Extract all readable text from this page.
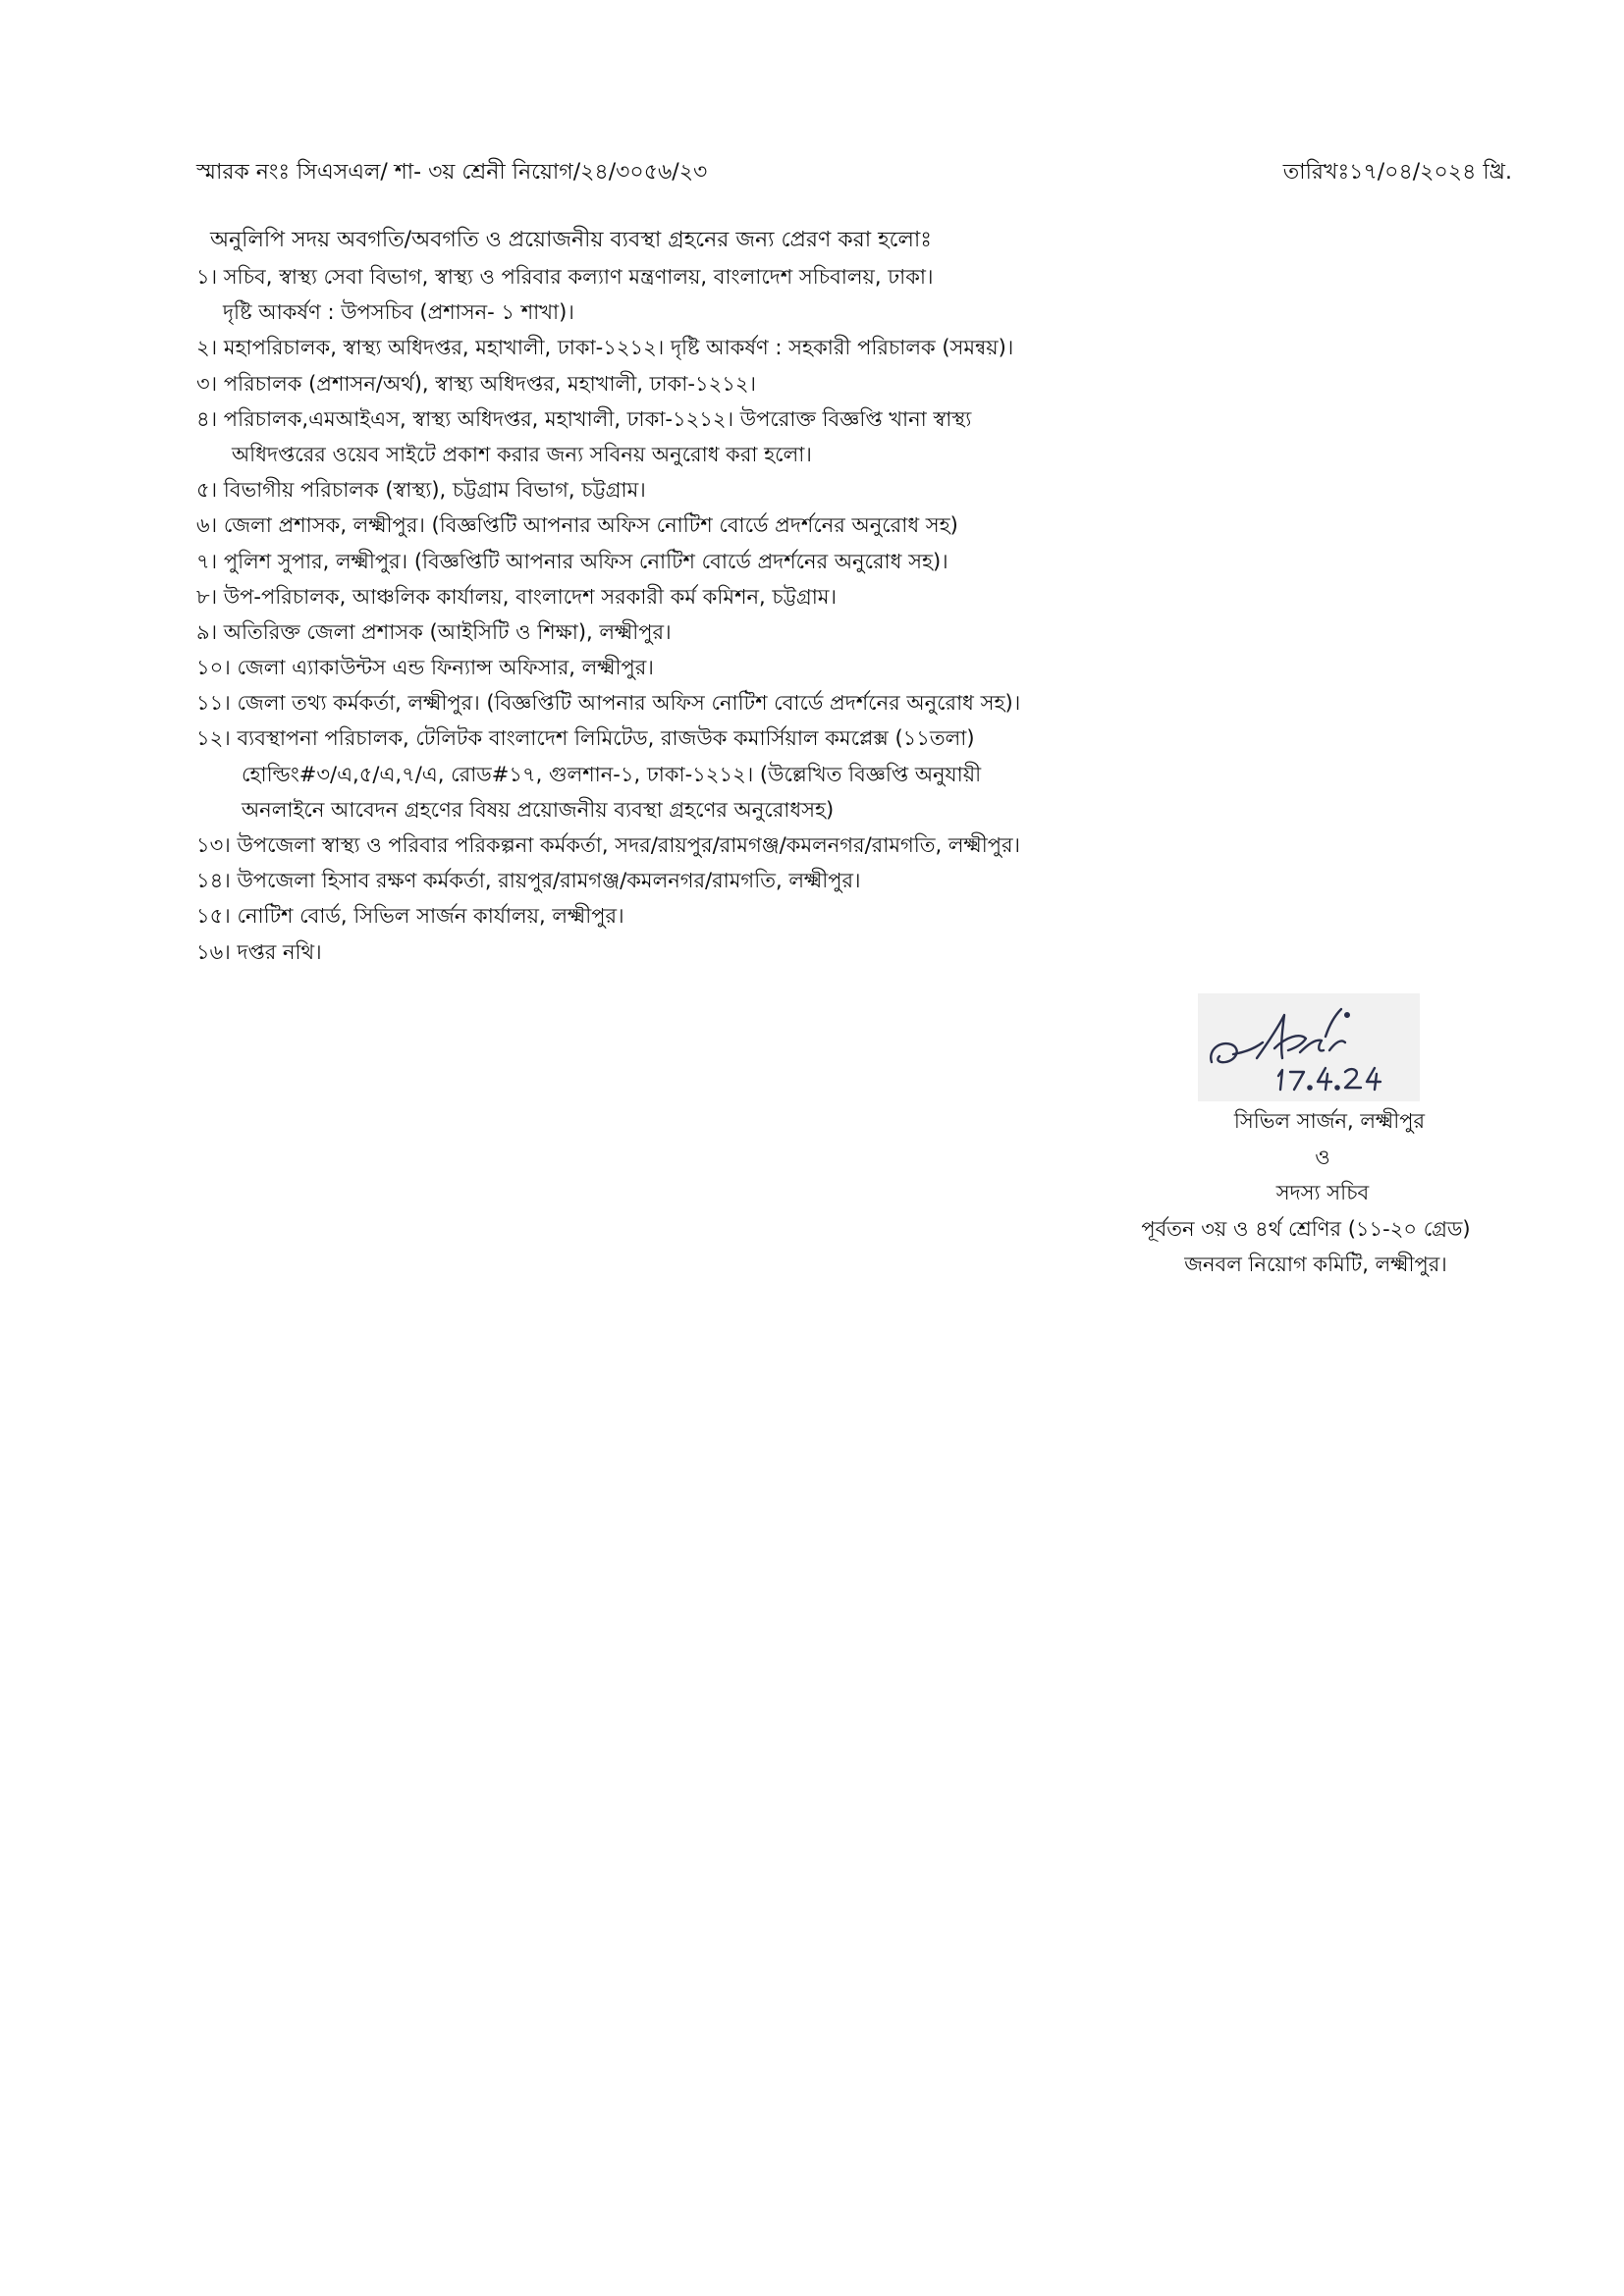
স্মারক নংঃ সিএসএল/ শা- ৩য় শ্রেনী নিয়োগ/২৪/৩০৫৬/২৩	তারিখঃ১৭/০৪/২০২৪ খ্রি.
অনুলিপি সদয় অবগতি/অবগতি ও প্রয়োজনীয় ব্যবস্থা গ্রহনের জন্য প্রেরণ করা হলোঃ
১। সচিব, স্বাস্থ্য সেবা বিভাগ, স্বাস্থ্য ও পরিবার কল্যাণ মন্ত্রণালয়, বাংলাদেশ সচিবালয়, ঢাকা।
দৃষ্টি আকর্ষণ : উপসচিব (প্রশাসন- ১ শাখা)।
২। মহাপরিচালক, স্বাস্থ্য অধিদপ্তর, মহাখালী, ঢাকা-১২১২। দৃষ্টি আকর্ষণ : সহকারী পরিচালক (সমন্বয়)।
৩। পরিচালক (প্রশাসন/অর্থ), স্বাস্থ্য অধিদপ্তর, মহাখালী, ঢাকা-১২১২।
৪। পরিচালক,এমআইএস, স্বাস্থ্য অধিদপ্তর, মহাখালী, ঢাকা-১২১২। উপরোক্ত বিজ্ঞপ্তি খানা স্বাস্থ্য
অধিদপ্তরের ওয়েব সাইটে প্রকাশ করার জন্য সবিনয় অনুরোধ করা হলো।
৫। বিভাগীয় পরিচালক (স্বাস্থ্য), চট্টগ্রাম বিভাগ, চট্টগ্রাম।
৬। জেলা প্রশাসক, লক্ষ্মীপুর। (বিজ্ঞপ্তিটি আপনার অফিস নোটিশ বোর্ডে প্রদর্শনের অনুরোধ সহ)
৭। পুলিশ সুপার, লক্ষ্মীপুর। (বিজ্ঞপ্তিটি আপনার অফিস নোটিশ বোর্ডে প্রদর্শনের অনুরোধ সহ)।
৮। উপ-পরিচালক, আঞ্চলিক কার্যালয়, বাংলাদেশ সরকারী কর্ম কমিশন, চট্টগ্রাম।
৯। অতিরিক্ত জেলা প্রশাসক (আইসিটি ও শিক্ষা), লক্ষ্মীপুর।
১০। জেলা এ্যাকাউন্টস এন্ড ফিন্যান্স অফিসার, লক্ষ্মীপুর।
১১। জেলা তথ্য কর্মকর্তা, লক্ষ্মীপুর। (বিজ্ঞপ্তিটি আপনার অফিস নোটিশ বোর্ডে প্রদর্শনের অনুরোধ সহ)।
১২। ব্যবস্থাপনা পরিচালক, টেলিটক বাংলাদেশ লিমিটেড, রাজউক কমার্সিয়াল কমপ্লেক্স (১১তলা)
হোল্ডিং#৩/এ,৫/এ,৭/এ, রোড#১৭, গুলশান-১, ঢাকা-১২১২। (উল্লেখিত বিজ্ঞপ্তি অনুযায়ী
অনলাইনে আবেদন গ্রহণের বিষয় প্রয়োজনীয় ব্যবস্থা গ্রহণের অনুরোধসহ)
১৩। উপজেলা স্বাস্থ্য ও পরিবার পরিকল্পনা কর্মকর্তা, সদর/রায়পুর/রামগঞ্জ/কমলনগর/রামগতি, লক্ষ্মীপুর।
১৪। উপজেলা হিসাব রক্ষণ কর্মকর্তা, রায়পুর/রামগঞ্জ/কমলনগর/রামগতি, লক্ষ্মীপুর।
১৫। নোটিশ বোর্ড, সিভিল সার্জন কার্যালয়, লক্ষ্মীপুর।
১৬। দপ্তর নথি।
সিভিল সার্জন, লক্ষ্মীপুর
ও
সদস্য সচিব
পূর্বতন ৩য় ও ৪র্থ শ্রেণির (১১-২০ গ্রেড)
জনবল নিয়োগ কমিটি, লক্ষ্মীপুর।
